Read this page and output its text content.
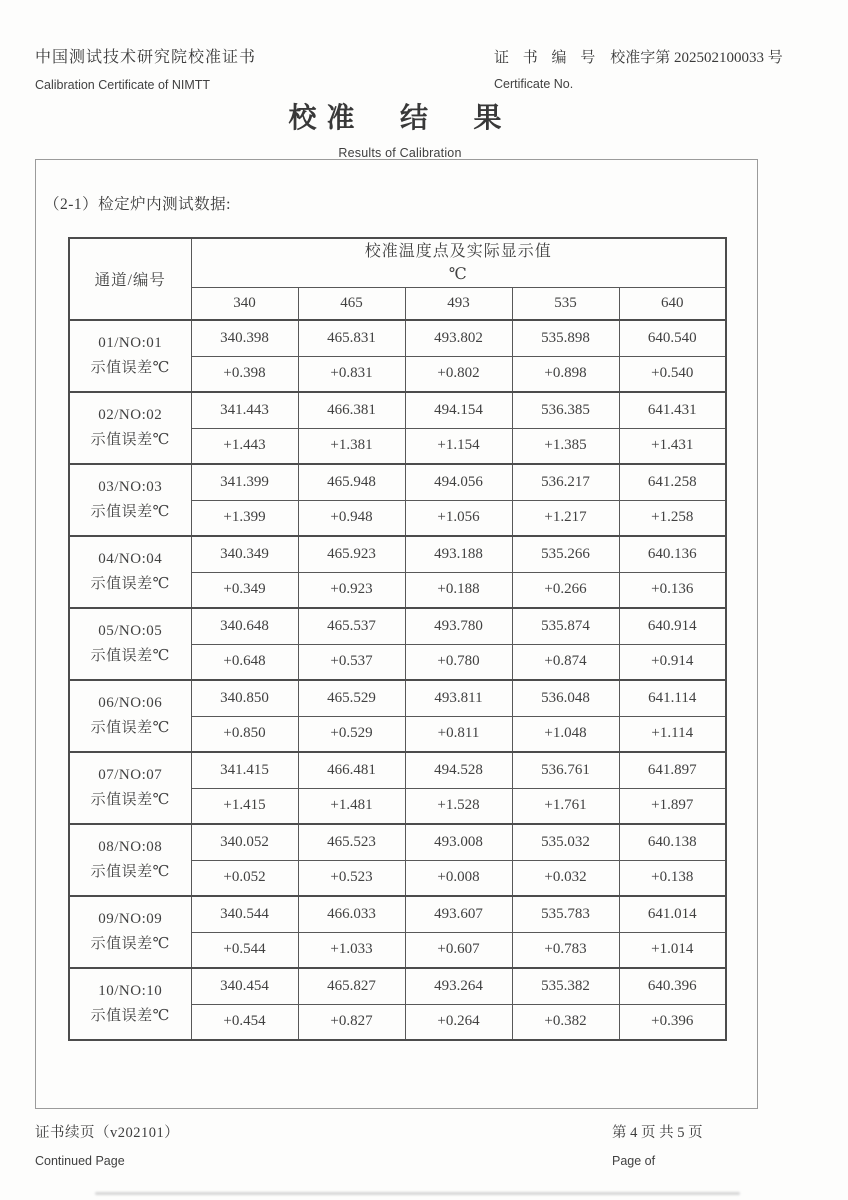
中国测试技术研究院校准证书
Calibration Certificate of NIMTT
证 书 编 号 校准字第 202502100033 号
Certificate No.
校准  结  果
Results of Calibration
（2-1）检定炉内测试数据:
通道/编号	校准温度点及实际显示值
℃				

	340	465	493	535	640

01/NO:01
示值误差℃	340.398	465.831	493.802	535.898	640.540
	+0.398	+0.831	+0.802	+0.898	+0.540

02/NO:02
示值误差℃	341.443	466.381	494.154	536.385	641.431
	+1.443	+1.381	+1.154	+1.385	+1.431

03/NO:03
示值误差℃	341.399	465.948	494.056	536.217	641.258
	+1.399	+0.948	+1.056	+1.217	+1.258

04/NO:04
示值误差℃	340.349	465.923	493.188	535.266	640.136
	+0.349	+0.923	+0.188	+0.266	+0.136

05/NO:05
示值误差℃	340.648	465.537	493.780	535.874	640.914
	+0.648	+0.537	+0.780	+0.874	+0.914

06/NO:06
示值误差℃	340.850	465.529	493.811	536.048	641.114
	+0.850	+0.529	+0.811	+1.048	+1.114

07/NO:07
示值误差℃	341.415	466.481	494.528	536.761	641.897
	+1.415	+1.481	+1.528	+1.761	+1.897

08/NO:08
示值误差℃	340.052	465.523	493.008	535.032	640.138
	+0.052	+0.523	+0.008	+0.032	+0.138

09/NO:09
示值误差℃	340.544	466.033	493.607	535.783	641.014
	+0.544	+1.033	+0.607	+0.783	+1.014

10/NO:10
示值误差℃	340.454	465.827	493.264	535.382	640.396
	+0.454	+0.827	+0.264	+0.382	+0.396
证书续页（v202101）
Continued Page
第 4 页 共 5 页
Page of
